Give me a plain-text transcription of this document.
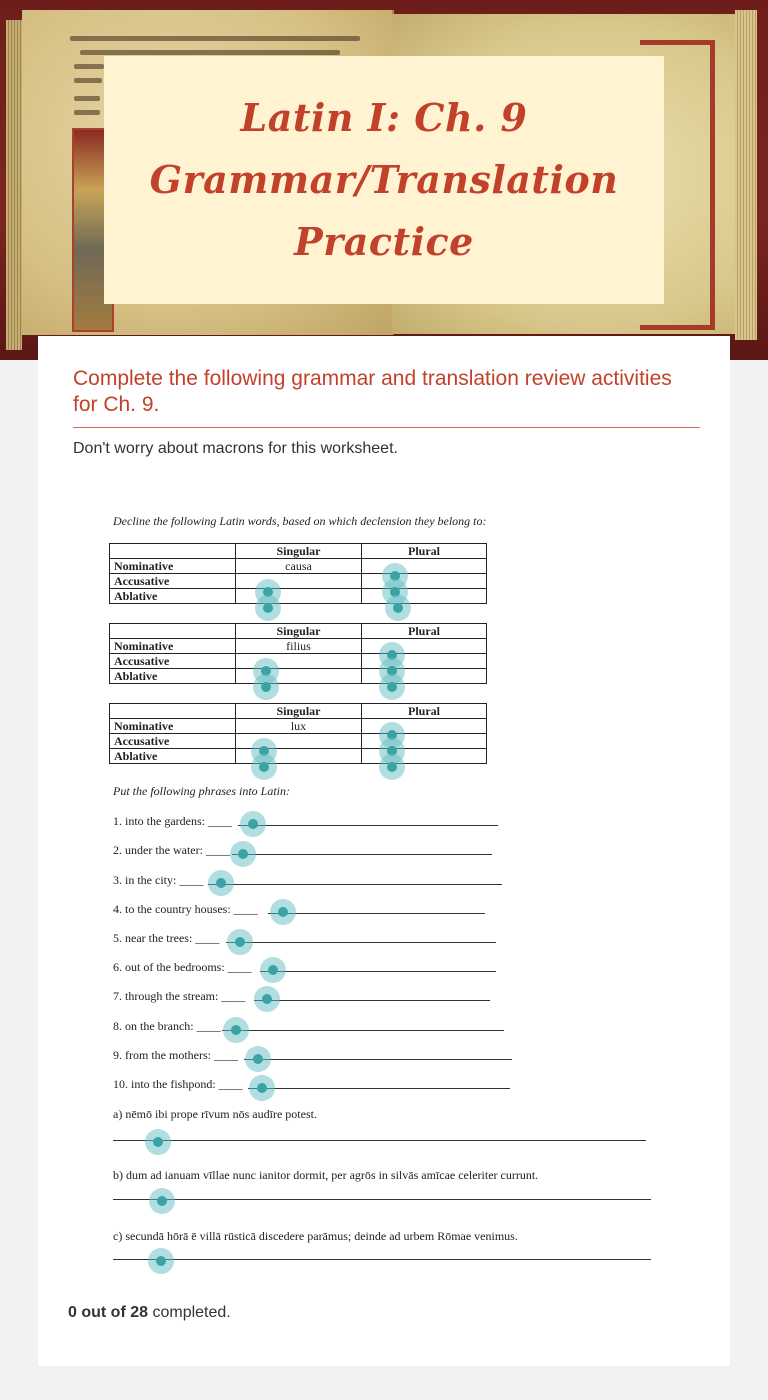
Latin I: Ch. 9
Grammar/Translation
Practice

Complete the following grammar and translation review activities for Ch. 9.

Don't worry about macrons for this worksheet.
0 out of 28 completed.
Decline the following Latin words, based on which declension they belong to:
	Singular	Plural
Nominative	causa	
Accusative		
Ablative		
	Singular	Plural
Nominative	filius	
Accusative		
Ablative		
	Singular	Plural
Nominative	lux	
Accusative		
Ablative		
Put the following phrases into Latin:
1. into the gardens: ____
2. under the water: ____
3. in the city: ____
4. to the country houses: ____
5. near the trees: ____
6. out of the bedrooms: ____
7. through the stream: ____
8. on the branch: ____
9. from the mothers: ____
10. into the fishpond: ____
a) nēmō ibi prope rīvum nōs audīre potest.
b) dum ad ianuam vīllae nunc ianitor dormit, per agrōs in silvās amīcae celeriter currunt.
c) secundā hōrā ē villā rūsticā discedere parāmus; deinde ad urbem Rōmae venimus.
